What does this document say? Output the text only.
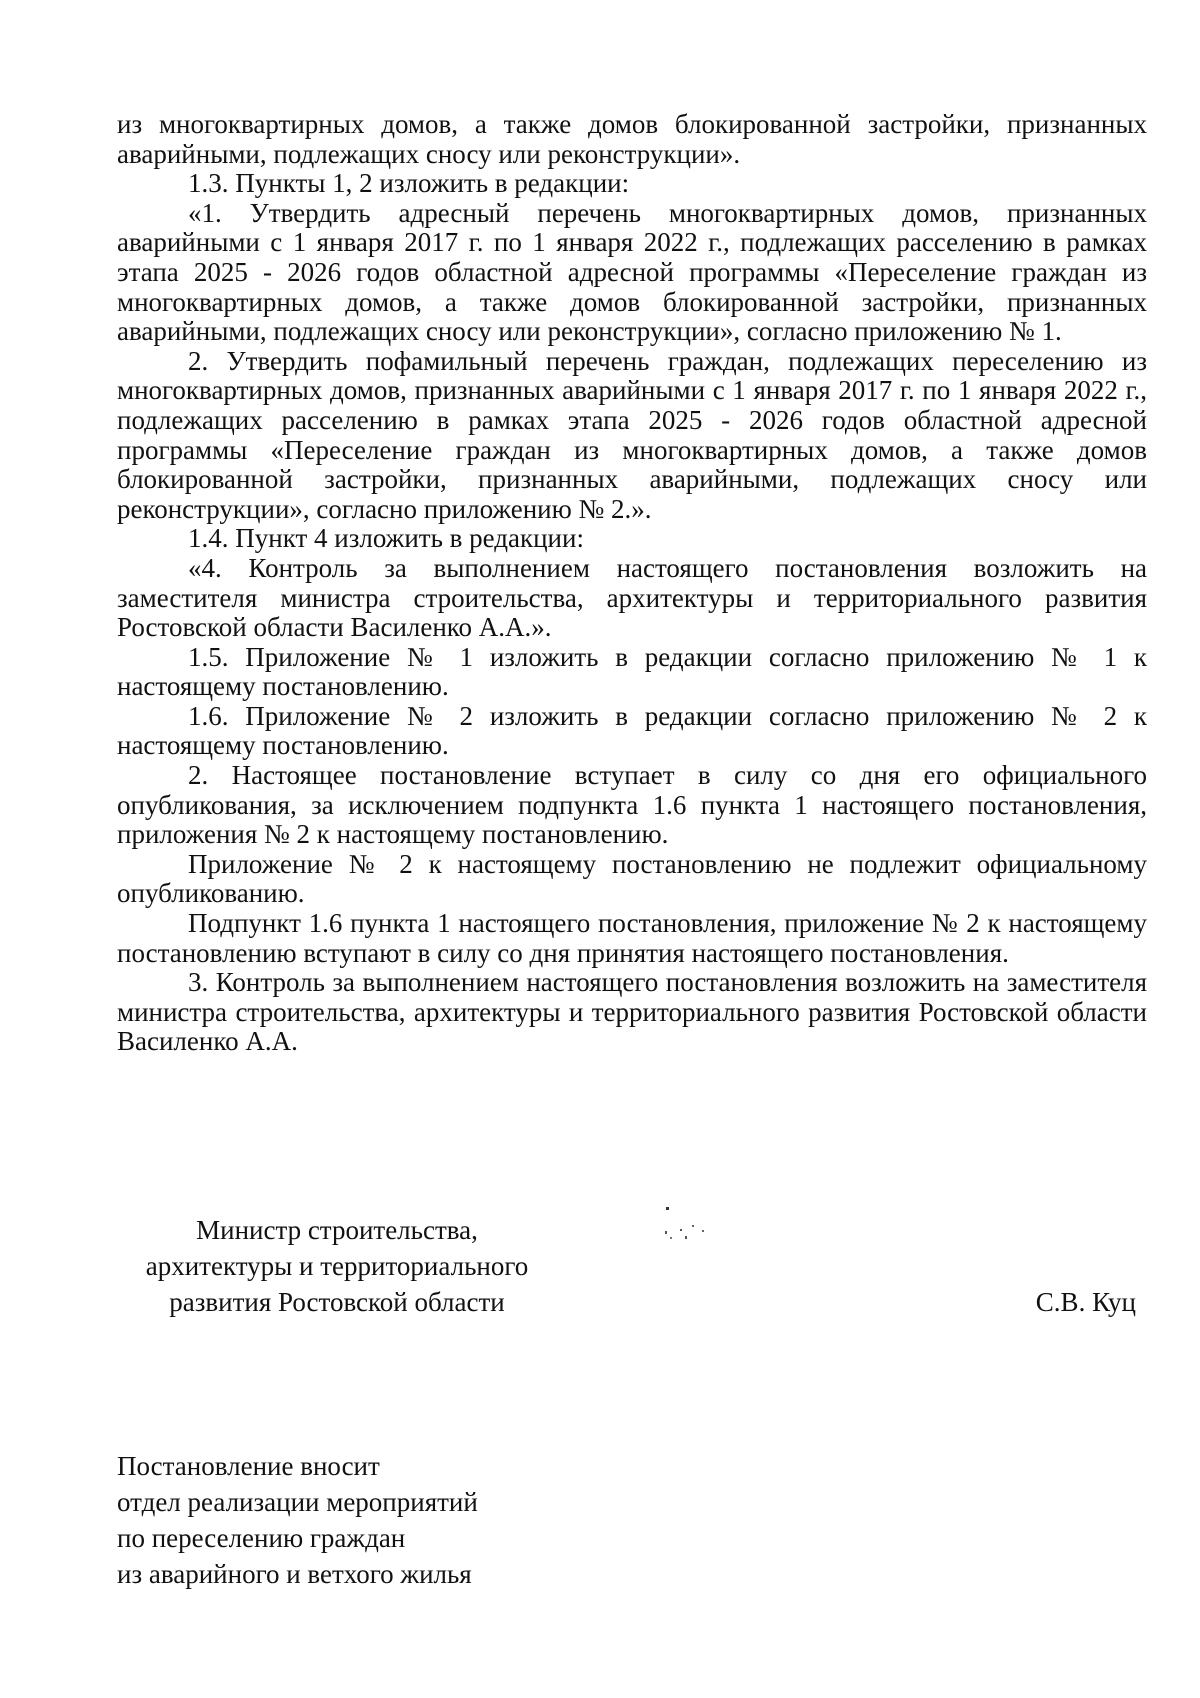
из многоквартирных домов, а также домов блокированной застройки, признанных аварийными, подлежащих сносу или реконструкции».

1.3. Пункты 1, 2 изложить в редакции:

«1. Утвердить адресный перечень многоквартирных домов, признанных аварийными с 1 января 2017 г. по 1 января 2022 г., подлежащих расселению в рамках этапа 2025 - 2026 годов областной адресной программы «Переселение граждан из многоквартирных домов, а также домов блокированной застройки, признанных аварийными, подлежащих сносу или реконструкции», согласно приложению № 1.

2. Утвердить пофамильный перечень граждан, подлежащих переселению из многоквартирных домов, признанных аварийными с 1 января 2017 г. по 1 января 2022 г., подлежащих расселению в рамках этапа 2025 - 2026 годов областной адресной программы «Переселение граждан из многоквартирных домов, а также домов блокированной застройки, признанных аварийными, подлежащих сносу или реконструкции», согласно приложению № 2.».

1.4. Пункт 4 изложить в редакции:

«4. Контроль за выполнением настоящего постановления возложить на заместителя министра строительства, архитектуры и территориального развития Ростовской области Василенко А.А.».

1.5. Приложение № 1 изложить в редакции согласно приложению № 1 к настоящему постановлению.

1.6. Приложение № 2 изложить в редакции согласно приложению № 2 к настоящему постановлению.

2. Настоящее постановление вступает в силу со дня его официального опубликования, за исключением подпункта 1.6 пункта 1 настоящего постановления, приложения № 2 к настоящему постановлению.

Приложение № 2 к настоящему постановлению не подлежит официальному опубликованию.

Подпункт 1.6 пункта 1 настоящего постановления, приложение № 2 к настоящему постановлению вступают в силу со дня принятия настоящего постановления.

3. Контроль за выполнением настоящего постановления возложить на заместителя министра строительства, архитектуры и территориального развития Ростовской области Василенко А.А.

Министр строительства,
архитектуры и территориального
развития Ростовской области	С.В. Куц
Постановление вносит
отдел реализации мероприятий
по переселению граждан
из аварийного и ветхого жилья
